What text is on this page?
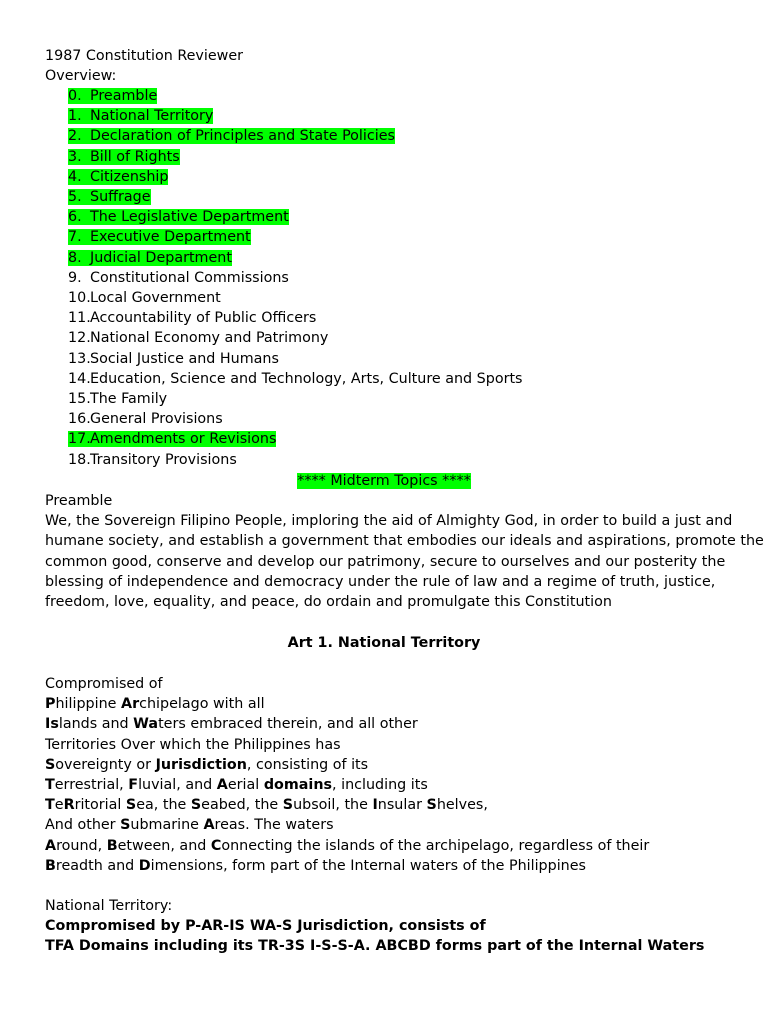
1987 Constitution Reviewer
Overview:
0. Preamble
1. National Territory
2. Declaration of Principles and State Policies
3. Bill of Rights
4. Citizenship
5. Suffrage
6. The Legislative Department
7. Executive Department
8. Judicial Department
9. Constitutional Commissions
10.Local Government
11.Accountability of Public Officers
12.National Economy and Patrimony
13.Social Justice and Humans
14.Education, Science and Technology, Arts, Culture and Sports
15.The Family
16.General Provisions
17.Amendments or Revisions
18.Transitory Provisions
**** Midterm Topics ****
Preamble
We, the Sovereign Filipino People, imploring the aid of Almighty God, in order to build a just and
humane society, and establish a government that embodies our ideals and aspirations, promote the
common good, conserve and develop our patrimony, secure to ourselves and our posterity the
blessing of independence and democracy under the rule of law and a regime of truth, justice,
freedom, love, equality, and peace, do ordain and promulgate this Constitution
Art 1. National Territory
Compromised of
Philippine Archipelago with all
Islands and Waters embraced therein, and all other
Territories Over which the Philippines has
Sovereignty or Jurisdiction, consisting of its
Terrestrial, Fluvial, and Aerial domains, including its
TeRritorial Sea, the Seabed, the Subsoil, the Insular Shelves,
And other Submarine Areas. The waters
Around, Between, and Connecting the islands of the archipelago, regardless of their
Breadth and Dimensions, form part of the Internal waters of the Philippines
National Territory:
Compromised by P-AR-IS WA-S Jurisdiction, consists of
TFA Domains including its TR-3S I-S-S-A. ABCBD forms part of the Internal Waters
